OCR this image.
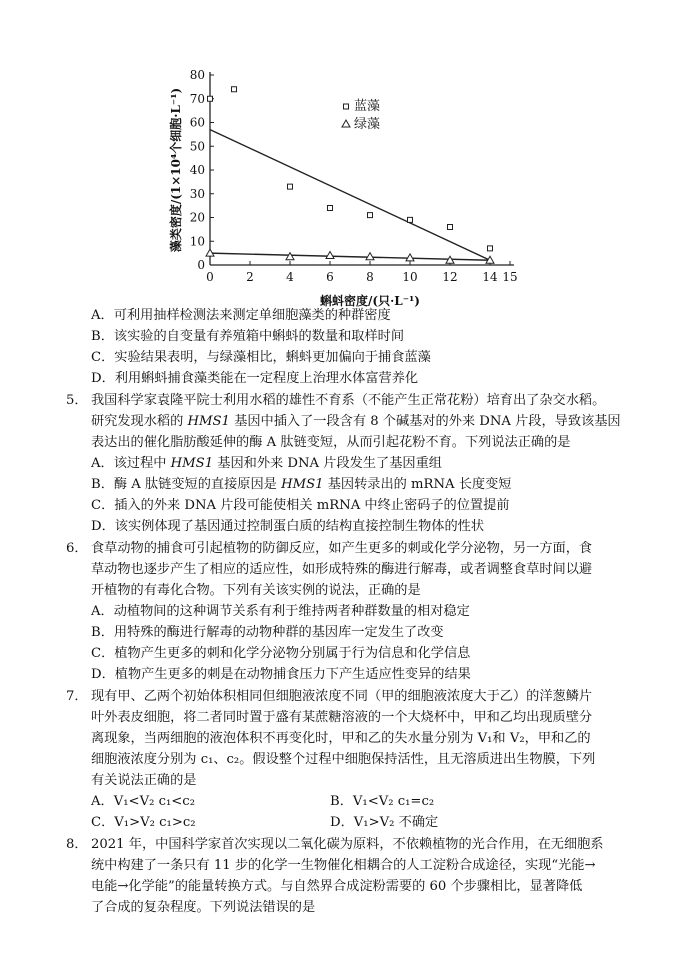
0	2	4	6	8 10 12 14 15
0
10
20
30
40
50
60
70
80
蝌蚪密度/(只·L⁻¹)
藻类密度/(1×10⁴个细胞·L⁻¹)	蓝藻
绿藻
A．可利用抽样检测法来测定单细胞藻类的种群密度
B．该实验的自变量有养殖箱中蝌蚪的数量和取样时间
C．实验结果表明，与绿藻相比，蝌蚪更加偏向于捕食蓝藻
D．利用蝌蚪捕食藻类能在一定程度上治理水体富营养化
5． 我国科学家袁隆平院士利用水稻的雄性不育系（不能产生正常花粉）培育出了杂交水稻。
研究发现水稻的 HMS1 基因中插入了一段含有 8 个碱基对的外来 DNA 片段，导致该基因
表达出的催化脂肪酸延伸的酶 A 肽链变短，从而引起花粉不育。下列说法正确的是
A．该过程中 HMS1 基因和外来 DNA 片段发生了基因重组
B．酶 A 肽链变短的直接原因是 HMS1 基因转录出的 mRNA 长度变短
C．插入的外来 DNA 片段可能使相关 mRNA 中终止密码子的位置提前
D．该实例体现了基因通过控制蛋白质的结构直接控制生物体的性状
6． 食草动物的捕食可引起植物的防御反应，如产生更多的刺或化学分泌物，另一方面，食
草动物也逐步产生了相应的适应性，如形成特殊的酶进行解毒，或者调整食草时间以避
开植物的有毒化合物。下列有关该实例的说法，正确的是
A．动植物间的这种调节关系有利于维持两者种群数量的相对稳定
B．用特殊的酶进行解毒的动物种群的基因库一定发生了改变
C．植物产生更多的刺和化学分泌物分别属于行为信息和化学信息
D．植物产生更多的刺是在动物捕食压力下产生适应性变异的结果
7． 现有甲、乙两个初始体积相同但细胞液浓度不同（甲的细胞液浓度大于乙）的洋葱鳞片
叶外表皮细胞，将二者同时置于盛有某蔗糖溶液的一个大烧杯中，甲和乙均出现质壁分
离现象，当两细胞的液泡体积不再变化时，甲和乙的失水量分别为 V₁和 V₂，甲和乙的
细胞液浓度分别为 c₁、c₂。假设整个过程中细胞保持活性，且无溶质进出生物膜，下列
有关说法正确的是
A．V₁<V₂ c₁<c₂	B．V₁<V₂ c₁=c₂
C．V₁>V₂ c₁>c₂	D．V₁>V₂ 不确定
8． 2021 年，中国科学家首次实现以二氧化碳为原料，不依赖植物的光合作用，在无细胞系
统中构建了一条只有 11 步的化学一生物催化相耦合的人工淀粉合成途径，实现“光能→
电能→化学能”的能量转换方式。与自然界合成淀粉需要的 60 个步骤相比，显著降低
了合成的复杂程度。下列说法错误的是
